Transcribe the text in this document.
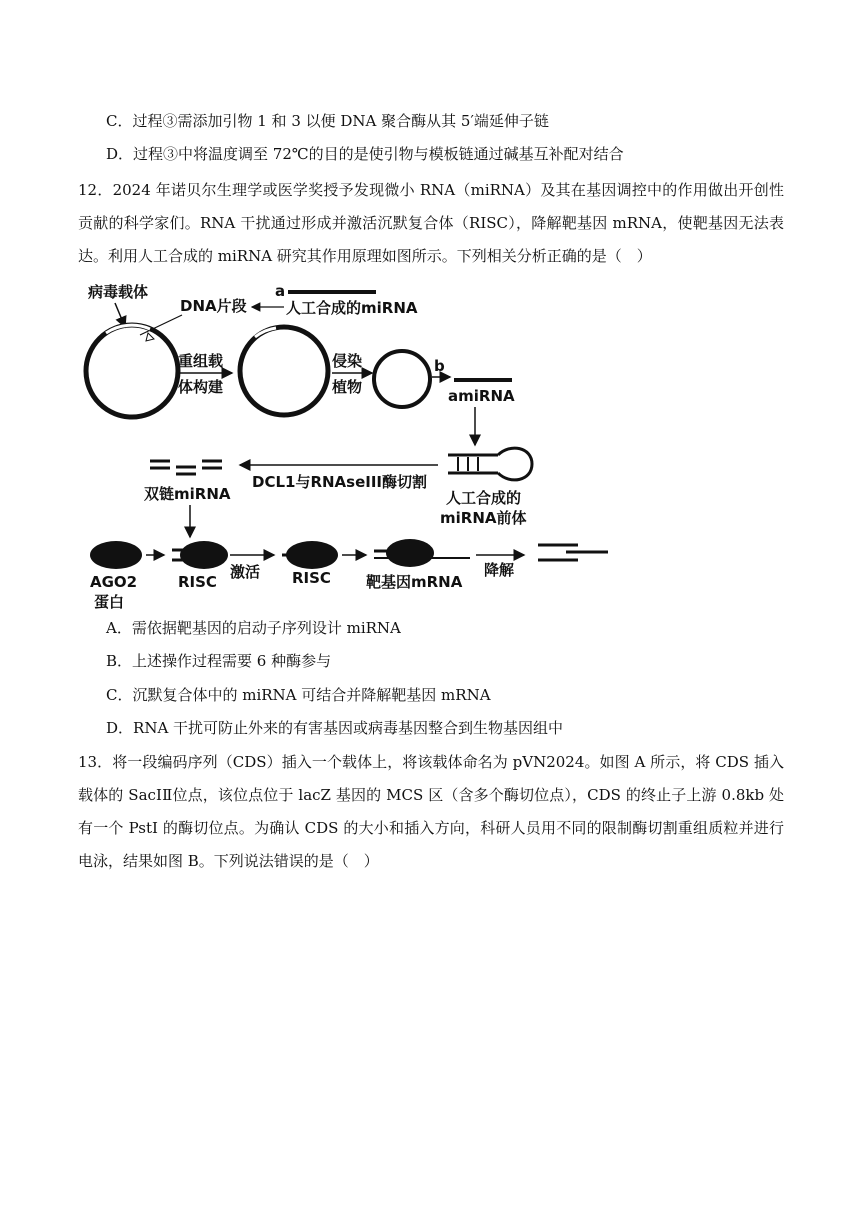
C．过程③需添加引物 1 和 3 以便 DNA 聚合酶从其 5′端延伸子链
D．过程③中将温度调至 72℃的目的是使引物与模板链通过碱基互补配对结合
12．2024 年诺贝尔生理学或医学奖授予发现微小 RNA（miRNA）及其在基因调控中的作用做出开创性贡献的科学家们。RNA 干扰通过形成并激活沉默复合体（RISC），降解靶基因 mRNA，使靶基因无法表达。利用人工合成的 miRNA 研究其作用原理如图所示。下列相关分析正确的是（　）
病毒载体
DNA片段
a
人工合成的miRNA
重组载
体构建
侵染
植物
b
amiRNA
人工合成的
miRNA前体
DCL1与RNAseIII酶切割
双链miRNA
AGO2
蛋白
RISC
激活 RISC 靶基因mRNA
降解
A．需依据靶基因的启动子序列设计 miRNA
B．上述操作过程需要 6 种酶参与
C．沉默复合体中的 miRNA 可结合并降解靶基因 mRNA
D．RNA 干扰可防止外来的有害基因或病毒基因整合到生物基因组中
13．将一段编码序列（CDS）插入一个载体上，将该载体命名为 pVN2024。如图 A 所示，将 CDS 插入载体的 SacⅠⅡ位点，该位点位于 lacZ 基因的 MCS 区（含多个酶切位点），CDS 的终止子上游 0.8kb 处有一个 PstI 的酶切位点。为确认 CDS 的大小和插入方向，科研人员用不同的限制酶切割重组质粒并进行电泳，结果如图 B。下列说法错误的是（　）
